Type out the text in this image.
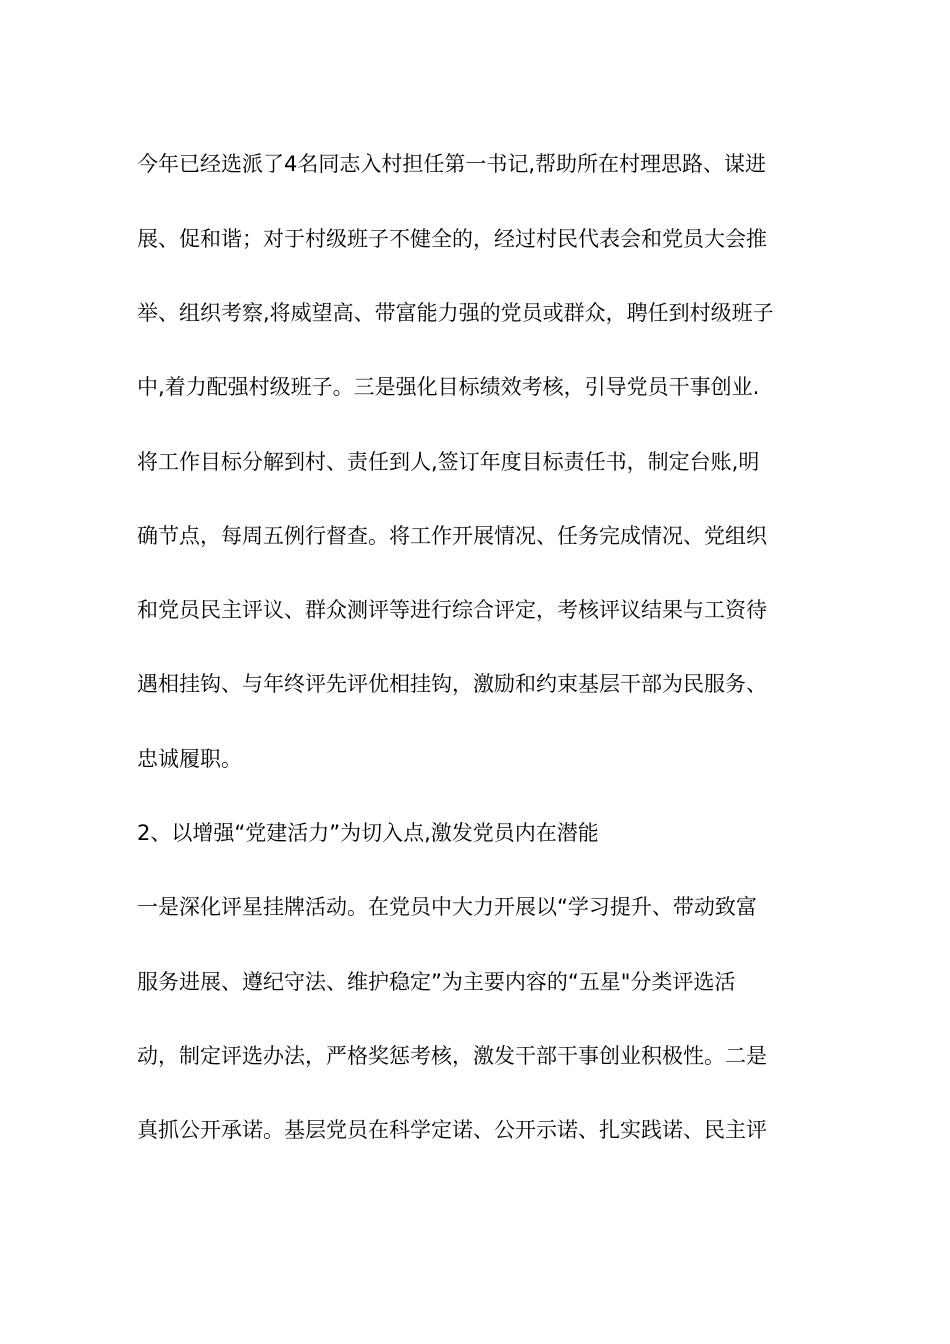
今年已经选派了4名同志入村担任第一书记,帮助所在村理思路、谋进
展、促和谐；对于村级班子不健全的，经过村民代表会和党员大会推
举、组织考察,将威望高、带富能力强的党员或群众，聘任到村级班子
中,着力配强村级班子。三是强化目标绩效考核，引导党员干事创业.
将工作目标分解到村、责任到人,签订年度目标责任书，制定台账,明
确节点，每周五例行督查。将工作开展情况、任务完成情况、党组织
和党员民主评议、群众测评等进行综合评定，考核评议结果与工资待
遇相挂钩、与年终评先评优相挂钩，激励和约束基层干部为民服务、
忠诚履职。
2、以增强“党建活力”为切入点,激发党员内在潜能
一是深化评星挂牌活动。在党员中大力开展以“学习提升、带动致富
服务进展、遵纪守法、维护稳定”为主要内容的“五星"分类评选活
动，制定评选办法，严格奖惩考核，激发干部干事创业积极性。二是
真抓公开承诺。基层党员在科学定诺、公开示诺、扎实践诺、民主评
